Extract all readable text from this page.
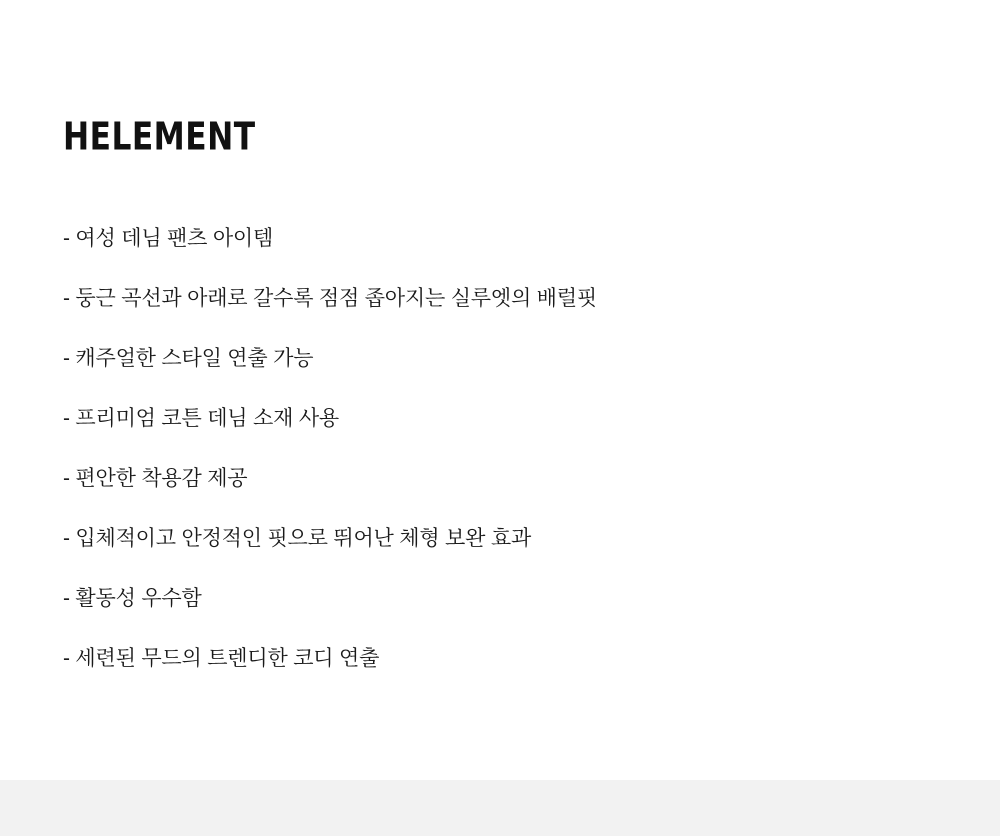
HELEMENT
- 여성 데님 팬츠 아이템
- 둥근 곡선과 아래로 갈수록 점점 좁아지는 실루엣의 배럴핏
- 캐주얼한 스타일 연출 가능
- 프리미엄 코튼 데님 소재 사용
- 편안한 착용감 제공
- 입체적이고 안정적인 핏으로 뛰어난 체형 보완 효과
- 활동성 우수함
- 세련된 무드의 트렌디한 코디 연출
